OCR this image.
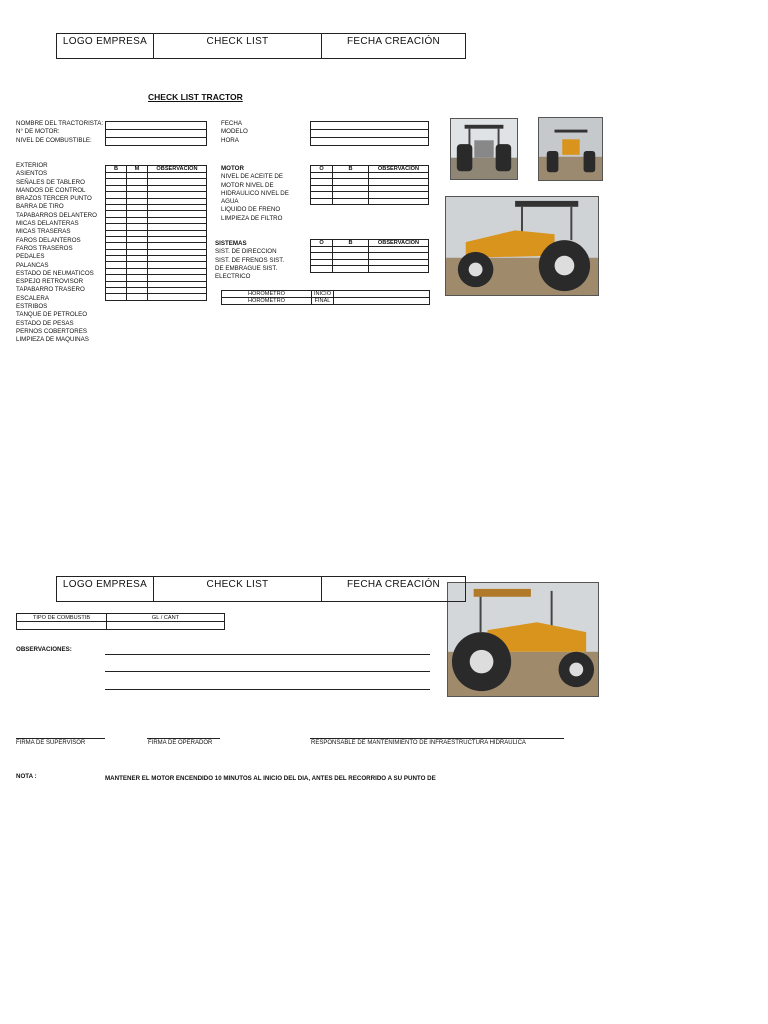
LOGO EMPRESA	CHECK LIST	FECHA CREACIÓN
CHECK LIST TRACTOR
NOMBRE DEL TRACTORISTA:
N° DE MOTOR:
NIVEL DE COMBUSTIBLE:

FECHA
MODELO
HORA

EXTERIOR
ASIENTOS
SEÑALES DE TABLERO
MANDOS DE CONTROL
BRAZOS TERCER PUNTO
BARRA DE TIRO
TAPABARROS DELANTERO
MICAS DELANTERAS
MICAS TRASERAS
FAROS DELANTEROS
FAROS TRASEROS
PEDALES
PALANCAS
ESTADO DE NEUMATICOS
ESPEJO RETROVISOR
TAPABARRO TRASERO
ESCALERA
ESTRIBOS
TANQUE DE PETROLEO
ESTADO DE PESAS
PERNOS COBERTORES
LIMPIEZA DE MAQUINAS
B	M	OBSERVACIÓN

			MOTOR
NIVEL DE ACEITE DE
MOTOR NIVEL DE
HIDRAULICO NIVEL DE
AGUA
LIQUIDO DE FRENO
LIMPIEZA DE FILTRO
O	B	OBSERVACIÓN

SISTEMAS
SIST. DE DIRECCION
SIST. DE FRENOS SIST.
DE EMBRAGUE SIST.
ELECTRICO
O	B	OBSERVACIÓN

HOROMETRO	INICIO	
HOROMETRO	FINAL	
LOGO EMPRESA	CHECK LIST	FECHA CREACIÓN
TIPO DE COMBUSTIB	GL / CANT

OBSERVACIONES:
FIRMA DE SUPERVISOR	FIRMA DE OPERADOR	RESPONSABLE DE MANTENIMIENTO DE INFRAESTRUCTURA HIDRAULICA
NOTA :	MANTENER EL MOTOR ENCENDIDO 10 MINUTOS AL INICIO DEL DIA, ANTES DEL RECORRIDO A SU PUNTO DE
